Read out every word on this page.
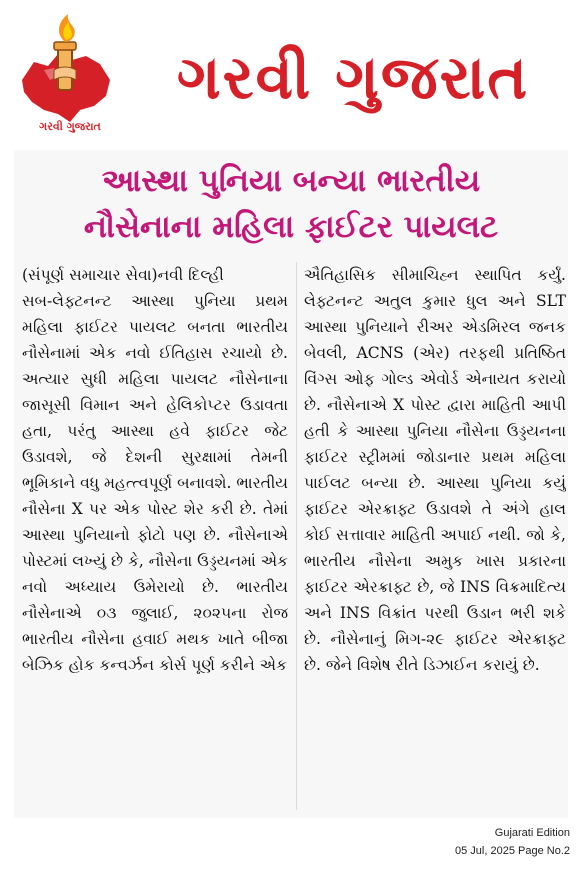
ગરવી ગુજરાત
ગરવી ગુજરાત
આસ્થા પુનિયા બન્યા ભારતીય
નૌસેનાના મહિલા ફાઈટર પાયલટ
(સંપૂર્ણ સમાચાર સેવા)નવી દિલ્હી
સબ-લેફ્ટનન્ટ આસ્થા પુનિયા પ્રથમ મહિલા ફાઈટર પાયલટ બનતા ભારતીય નૌસેનામાં એક નવો ઈતિહાસ રચાયો છે. અત્યાર સુધી મહિલા પાયલટ નૌસેનાના જાસૂસી વિમાન અને હેલિકોપ્ટર ઉડાવતા હતા, પરંતુ આસ્થા હવે ફાઈટર જેટ ઉડાવશે, જે દેશની સુરક્ષામાં તેમની ભૂમિકાને વધુ મહત્ત્વપૂર્ણ બનાવશે. ભારતીય નૌસેના X પર એક પોસ્ટ શેર કરી છે. તેમાં આસ્થા પુનિયાનો ફોટો પણ છે. નૌસેનાએ પોસ્ટમાં લખ્યું છે કે, નૌસેના ઉડ્ડયનમાં એક નવો અધ્યાય ઉમેરાયો છે. ભારતીય નૌસેનાએ ૦૩ જુલાઈ, ૨૦૨૫ના રોજ ભારતીય નૌસેના હવાઈ મથક ખાતે બીજા બેઝિક હોક કન્વર્ઝન કોર્સ પૂર્ણ કરીને એક
ઐતિહાસિક સીમાચિહ્ન સ્થાપિત કર્યું. લેફ્ટનન્ટ અતુલ કુમાર ધુલ અને SLT આસ્થા પુનિયાને રીઅર એડમિરલ જનક બેવલી, ACNS (એર) તરફથી પ્રતિષ્ઠિત વિંગ્સ ઓફ ગોલ્ડ એવોર્ડ એનાયત કરાયો છે. નૌસેનાએ X પોસ્ટ દ્વારા માહિતી આપી હતી કે આસ્થા પુનિયા નૌસેના ઉડ્ડયનના ફાઈટર સ્ટ્રીમમાં જોડાનાર પ્રથમ મહિલા પાઈલટ બન્યા છે. આસ્થા પુનિયા કયું ફાઈટર એરક્રાફ્ટ ઉડાવશે તે અંગે હાલ કોઈ સત્તાવાર માહિતી અપાઈ નથી. જો કે, ભારતીય નૌસેના અમુક ખાસ પ્રકારના ફાઈટર એરક્રાફ્ટ છે, જે INS વિક્રમાદિત્ય અને INS વિક્રાંત પરથી ઉડાન ભરી શકે છે. નૌસેનાનું મિગ-૨૯ ફાઈટર એરક્રાફ્ટ છે. જેને વિશેષ રીતે ડિઝાઈન કરાયું છે.
Gujarati Edition
05 Jul, 2025 Page No.2
